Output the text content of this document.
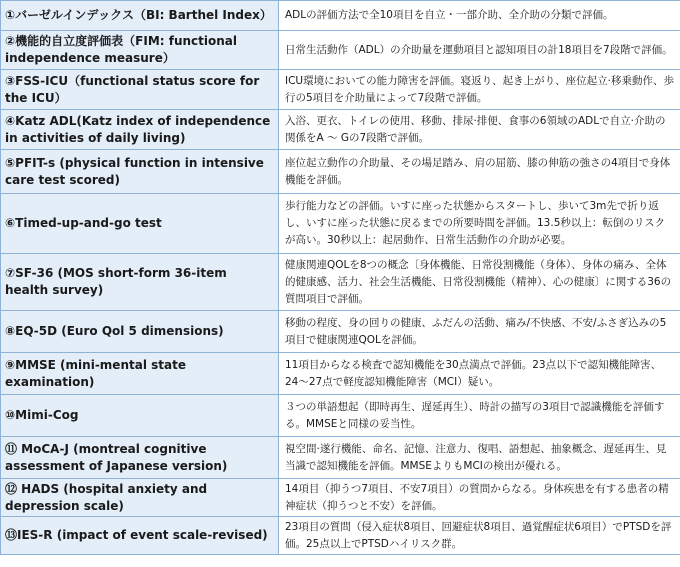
①バーゼルインデックス（BI: Barthel Index）	ADLの評価方法で全10項目を自立・一部介助、全介助の分類で評価。
②機能的自立度評価表（FIM: functional independence measure）	日常生活動作（ADL）の介助量を運動項目と認知項目の計18項目を7段階で評価。
③FSS-ICU（functional status score for the ICU）	ICU環境においての能力障害を評価。寝返り、起き上がり、座位起立·移乗動作、歩行の5項目を介助量によって7段階で評価。
④Katz ADL(Katz index of independence in activities of daily living)	入浴、更衣、トイレの使用、移動、排尿·排便、食事の6領域のADLで自立·介助の関係をA ～ Gの7段階で評価。
⑤PFIT-s (physical function in intensive care test scored)	座位起立動作の介助量、その場足踏み、肩の屈筋、膝の伸筋の強さの4項目で身体機能を評価。
⑥Timed-up-and-go test	歩行能力などの評価。いすに座った状態からスタートし、歩いて3m先で折り返し、いすに座った状態に戻るまでの所要時間を評価。13.5秒以上：転倒のリスクが高い。30秒以上：起居動作、日常生活動作の介助が必要。
⑦SF-36 (MOS short-form 36-item health survey)	健康関連QOLを8つの概念〔身体機能、日常役割機能（身体）、身体の痛み、全体的健康感、活力、社会生活機能、日常役割機能（精神）、心の健康〕に関する36の質問項目で評価。
⑧EQ-5D (Euro Qol 5 dimensions)	移動の程度、身の回りの健康、ふだんの活動、痛み/不快感、不安/ふさぎ込みの5項目で健康関連QOLを評価。
⑨MMSE (mini-mental state examination)	11項目からなる検査で認知機能を30点満点で評価。23点以下で認知機能障害、24～27点で軽度認知機能障害（MCI）疑い。
⑩Mimi-Cog	３つの単語想起（即時再生、遅延再生）、時計の描写の3項目で認識機能を評価する。MMSEと同様の妥当性。
⑪ MoCA-J (montreal cognitive assessment of Japanese version)	視空間·遂行機能、命名、記憶、注意力、復唱、語想起、抽象概念、遅延再生、見当識で認知機能を評価。MMSEよりもMCIの検出が優れる。
⑫ HADS (hospital anxiety and depression scale)	14項目（抑うつ7項目、不安7項目）の質問からなる。身体疾患を有する患者の精神症状（抑うつと不安）を評価。
⑬IES-R (impact of event scale-revised)	23項目の質問（侵入症状8項目、回避症状8項目、過覚醒症状6項目）でPTSDを評価。25点以上でPTSDハイリスク群。
